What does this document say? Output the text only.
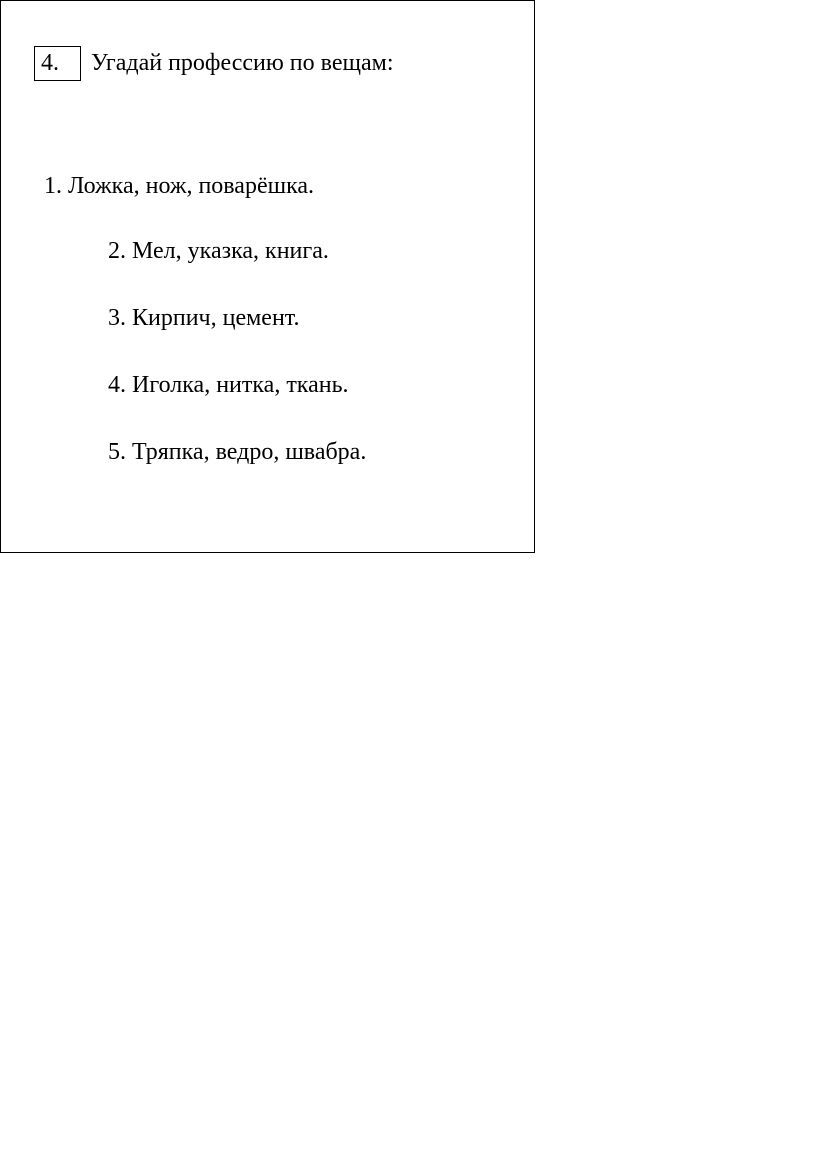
4.	Угадай профессию по вещам:
1. Ложка, нож, поварёшка.
2. Мел, указка, книга.
3. Кирпич, цемент.
4. Иголка, нитка, ткань.
5. Тряпка, ведро, швабра.
